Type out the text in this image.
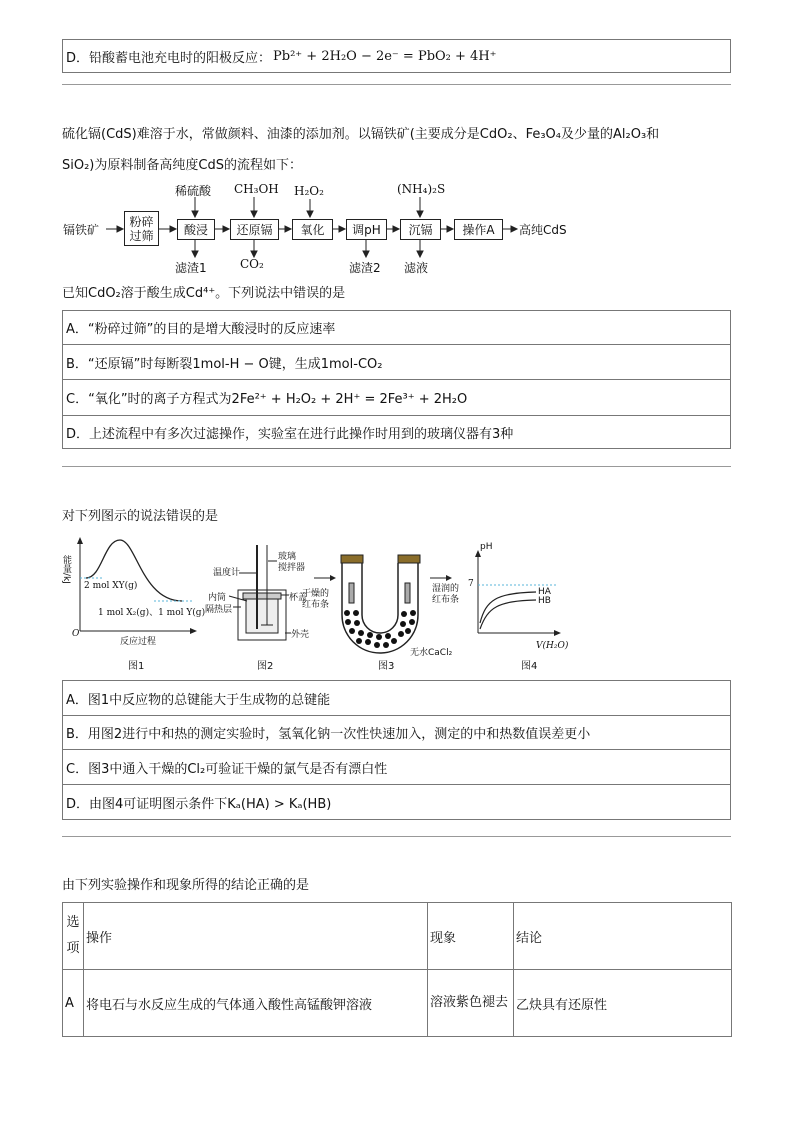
D． 铅酸蓄电池充电时的阳极反应： Pb²⁺ + 2H₂O − 2e⁻ = PbO₂ + 4H⁺
硫化镉(CdS)难溶于水，常做颜料、油漆的添加剂。以镉铁矿(主要成分是CdO₂、Fe₃O₄及少量的Al₂O₃和
SiO₂)为原料制备高纯度CdS的流程如下：
镉铁矿
粉碎
过筛	酸浸	还原镉	氧化	调pH	沉镉	操作A	高纯CdS
稀硫酸 CH₃OH H₂O₂	(NH₄)₂S
滤渣1	CO₂	滤渣2 滤液
已知CdO₂溶于酸生成Cd⁴⁺。下列说法中错误的是
A． “粉碎过筛”的目的是增大酸浸时的反应速率
B． “还原镉”时每断裂1mol-H − O键，生成1mol-CO₂
C． “氧化”时的离子方程式为2Fe²⁺ + H₂O₂ + 2H⁺ = 2Fe³⁺ + 2H₂O
D． 上述流程中有多次过滤操作，实验室在进行此操作时用到的玻璃仪器有3种
对下列图示的说法错误的是
能量/kJ
2 mol XY(g)
1 mol X₂(g)、1 mol Y(g)
O
反应过程
图1
温度计
玻璃
搅拌器
内筒	杯盖
隔热层
外壳
图2
干燥的
红布条
湿润的
红布条
无水CaCl₂
图3
pH
7
HA
HB
V(H₂O)
图4
A． 图1中反应物的总键能大于生成物的总键能
B． 用图2进行中和热的测定实验时，氢氧化钠一次性快速加入，测定的中和热数值误差更小
C． 图3中通入干燥的Cl₂可验证干燥的氯气是否有漂白性
D． 由图4可证明图示条件下Kₐ(HA) > Kₐ(HB)
由下列实验操作和现象所得的结论正确的是
选
项	操作	现象	结论
A	将电石与水反应生成的气体通入酸性高锰酸钾溶液	溶液紫色褪去	乙炔具有还原性
